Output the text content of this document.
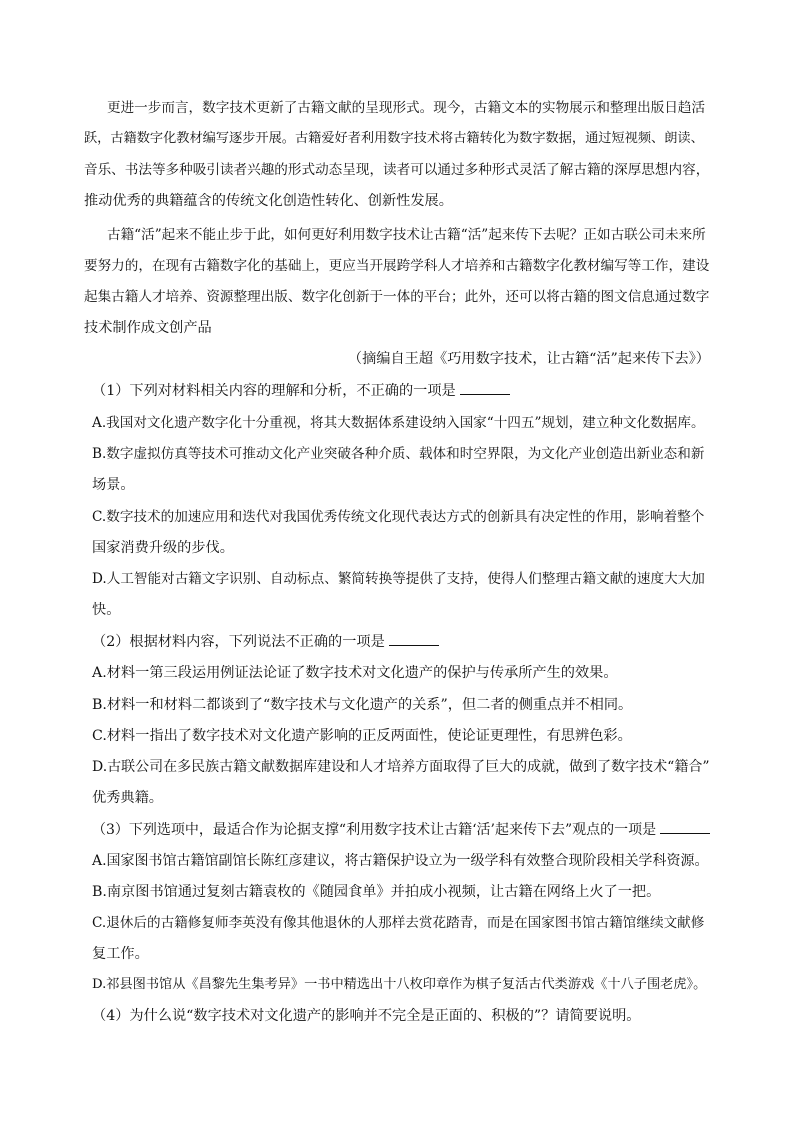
更进一步而言，数字技术更新了古籍文献的呈现形式。现今，古籍文本的实物展示和整理出版日趋活
跃，古籍数字化教材编写逐步开展。古籍爱好者利用数字技术将古籍转化为数字数据，通过短视频、朗读、
音乐、书法等多种吸引读者兴趣的形式动态呈现，读者可以通过多种形式灵活了解古籍的深厚思想内容，
推动优秀的典籍蕴含的传统文化创造性转化、创新性发展。
古籍“活”起来不能止步于此，如何更好利用数字技术让古籍“活”起来传下去呢？正如古联公司未来所
要努力的，在现有古籍数字化的基础上，更应当开展跨学科人才培养和古籍数字化教材编写等工作，建设
起集古籍人才培养、资源整理出版、数字化创新于一体的平台；此外，还可以将古籍的图文信息通过数字
技术制作成文创产品
（摘编自王超《巧用数字技术，让古籍“活”起来传下去》）
（1）下列对材料相关内容的理解和分析，不正确的一项是
A.我国对文化遗产数字化十分重视，将其大数据体系建设纳入国家“十四五”规划，建立种文化数据库。
B.数字虚拟仿真等技术可推动文化产业突破各种介质、载体和时空界限，为文化产业创造出新业态和新
场景。
C.数字技术的加速应用和迭代对我国优秀传统文化现代表达方式的创新具有决定性的作用，影响着整个
国家消费升级的步伐。
D.人工智能对古籍文字识别、自动标点、繁简转换等提供了支持，使得人们整理古籍文献的速度大大加
快。
（2）根据材料内容，下列说法不正确的一项是
A.材料一第三段运用例证法论证了数字技术对文化遗产的保护与传承所产生的效果。
B.材料一和材料二都谈到了“数字技术与文化遗产的关系”，但二者的侧重点并不相同。
C.材料一指出了数字技术对文化遗产影响的正反两面性，使论证更理性，有思辨色彩。
D.古联公司在多民族古籍文献数据库建设和人才培养方面取得了巨大的成就，做到了数字技术“籍合”
优秀典籍。
（3）下列选项中，最适合作为论据支撑“利用数字技术让古籍‘活’起来传下去”观点的一项是
A.国家图书馆古籍馆副馆长陈红彦建议，将古籍保护设立为一级学科有效整合现阶段相关学科资源。
B.南京图书馆通过复刻古籍袁枚的《随园食单》并拍成小视频，让古籍在网络上火了一把。
C.退休后的古籍修复师李英没有像其他退休的人那样去赏花踏青，而是在国家图书馆古籍馆继续文献修
复工作。
D.祁县图书馆从《昌黎先生集考异》一书中精选出十八枚印章作为棋子复活古代类游戏《十八子围老虎》。
（4）为什么说“数字技术对文化遗产的影响并不完全是正面的、积极的”？请简要说明。
